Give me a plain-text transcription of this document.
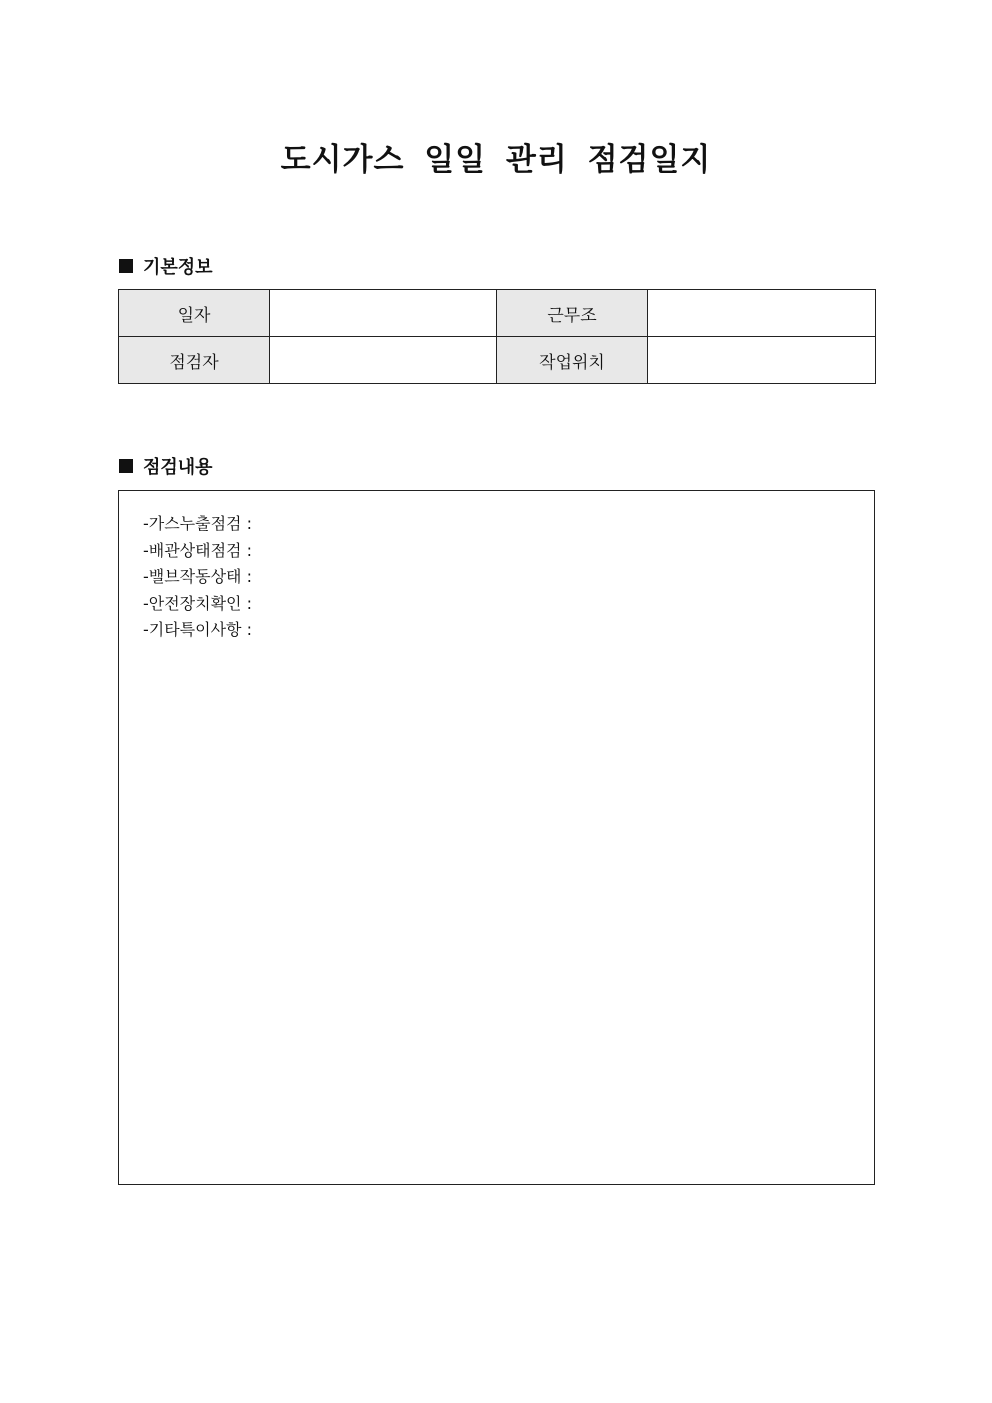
도시가스 일일 관리 점검일지
기본정보
일자		근무조	
점검자		작업위치	
점검내용
-가스누출점검 :
-배관상태점검 :
-밸브작동상태 :
-안전장치확인 :
-기타특이사항 :
